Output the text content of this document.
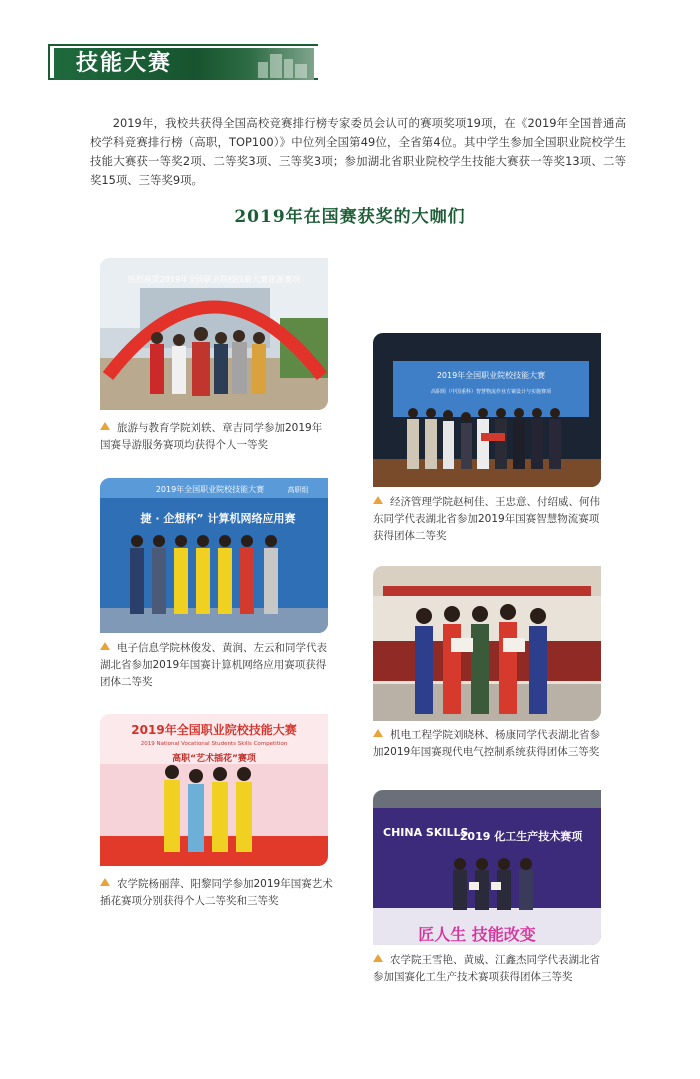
技能大赛

2019年，我校共获得全国高校竞赛排行榜专家委员会认可的赛项奖项19项，在《2019年全国普通高校学科竞赛排行榜（高职，TOP100）》中位列全国第49位，全省第4位。其中学生参加全国职业院校学生技能大赛获一等奖2项、二等奖3项、三等奖3项；参加湖北省职业院校学生技能大赛获一等奖13项、二等奖15项、三等奖9项。

2019年在国赛获奖的大咖们
热烈祝贺2019年全国职业院校技能大赛旅游赛项
旅游与教育学院刘轶、章吉同学参加2019年国赛导游服务赛项均获得个人一等奖
2019年全国职业院校技能大赛
高职组（中国重科）智慧物流作业方案设计与实施赛项
经济管理学院赵柯佳、王忠意、付绍威、何伟东同学代表湖北省参加2019年国赛智慧物流赛项获得团体二等奖
2019年全国职业院校技能大赛	高职组
捷 · 企想杯” 计算机网络应用赛
电子信息学院林俊发、黄润、左云和同学代表湖北省参加2019年国赛计算机网络应用赛项获得团体二等奖
机电工程学院刘晓林、杨康同学代表湖北省参加2019年国赛现代电气控制系统获得团体三等奖
2019年全国职业院校技能大赛
2019 National Vocational Students Skills Competition
高职“艺术插花”赛项
农学院杨丽萍、阳黎同学参加2019年国赛艺术插花赛项分别获得个人二等奖和三等奖
CHINA SKILLS
2019 化工生产技术赛项
匠人生 技能改变
农学院王雪艳、黄威、江鑫杰同学代表湖北省参加国赛化工生产技术赛项获得团体三等奖
